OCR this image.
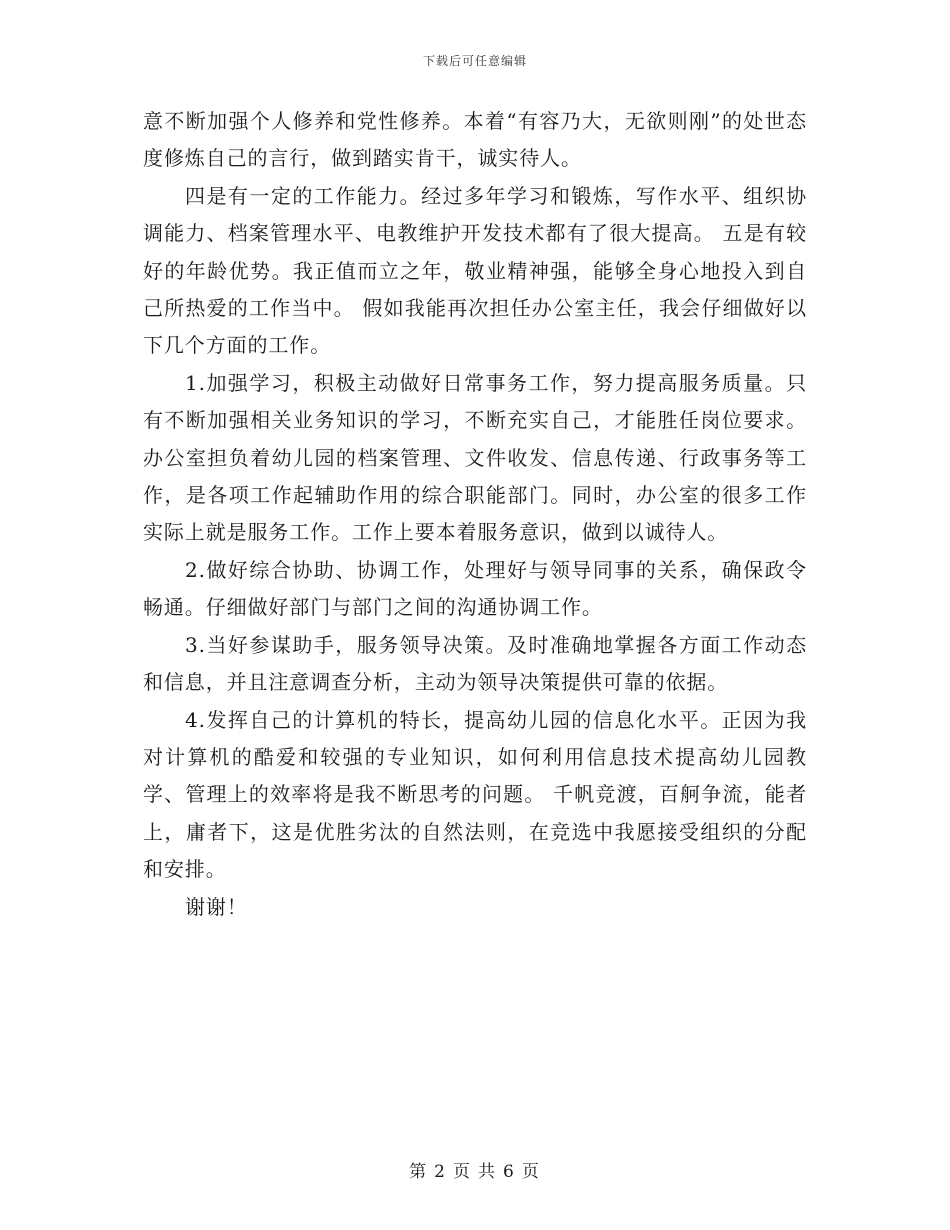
下载后可任意编辑

意不断加强个人修养和党性修养。本着“有容乃大，无欲则刚”的处世态度修炼自己的言行，做到踏实肯干，诚实待人。

四是有一定的工作能力。经过多年学习和锻炼，写作水平、组织协调能力、档案管理水平、电教维护开发技术都有了很大提高。 五是有较好的年龄优势。我正值而立之年，敬业精神强，能够全身心地投入到自己所热爱的工作当中。 假如我能再次担任办公室主任，我会仔细做好以下几个方面的工作。

1.加强学习，积极主动做好日常事务工作，努力提高服务质量。只有不断加强相关业务知识的学习，不断充实自己，才能胜任岗位要求。办公室担负着幼儿园的档案管理、文件收发、信息传递、行政事务等工作，是各项工作起辅助作用的综合职能部门。同时，办公室的很多工作实际上就是服务工作。工作上要本着服务意识，做到以诚待人。

2.做好综合协助、协调工作，处理好与领导同事的关系，确保政令畅通。仔细做好部门与部门之间的沟通协调工作。

3.当好参谋助手，服务领导决策。及时准确地掌握各方面工作动态和信息，并且注意调查分析，主动为领导决策提供可靠的依据。

4.发挥自己的计算机的特长，提高幼儿园的信息化水平。正因为我对计算机的酷爱和较强的专业知识，如何利用信息技术提高幼儿园教学、管理上的效率将是我不断思考的问题。 千帆竞渡，百舸争流，能者上，庸者下，这是优胜劣汰的自然法则，在竞选中我愿接受组织的分配和安排。

谢谢！

第 2 页 共 6 页
